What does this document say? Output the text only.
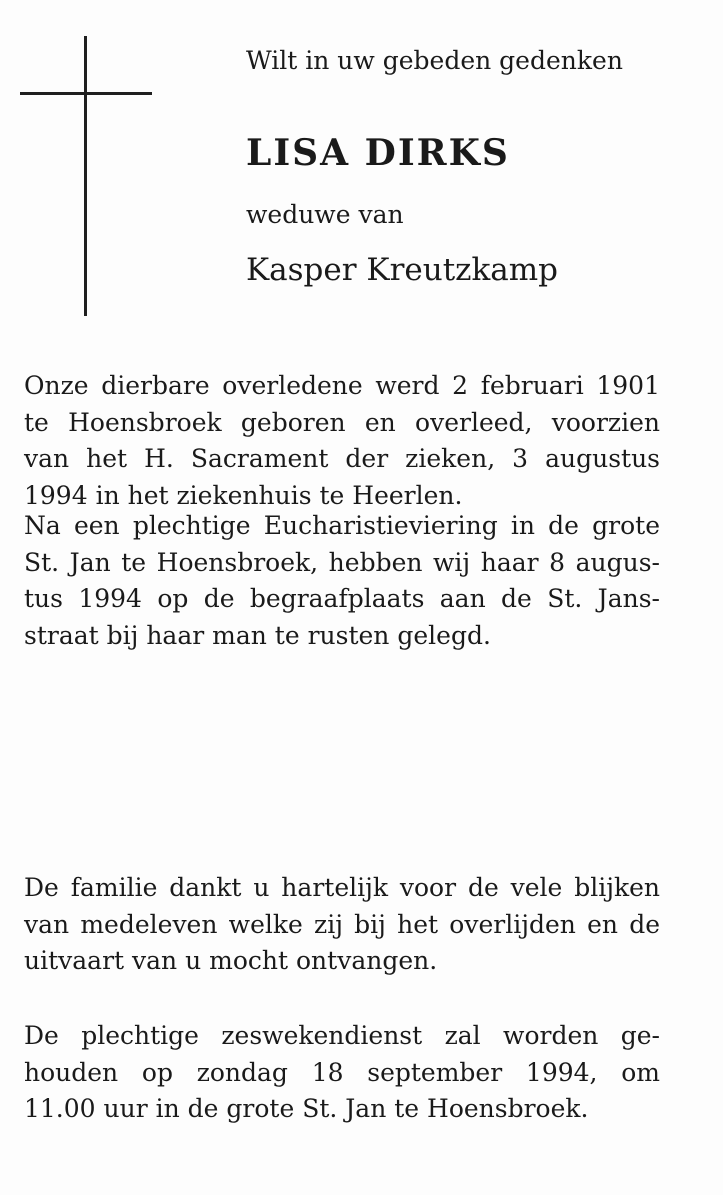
Wilt in uw gebeden gedenken

LISA DIRKS

weduwe van

Kasper Kreutzkamp

Onze dierbare overledene werd 2 februari 1901
te Hoensbroek geboren en overleed, voorzien
van het H. Sacrament der zieken, 3 augustus
1994 in het ziekenhuis te Heerlen.
Na een plechtige Eucharistieviering in de grote
St. Jan te Hoensbroek, hebben wij haar 8 augus-
tus 1994 op de begraafplaats aan de St. Jans-
straat bij haar man te rusten gelegd.
De familie dankt u hartelijk voor de vele blijken
van medeleven welke zij bij het overlijden en de
uitvaart van u mocht ontvangen.
De plechtige zeswekendienst zal worden ge-
houden op zondag 18 september 1994, om
11.00 uur in de grote St. Jan te Hoensbroek.
